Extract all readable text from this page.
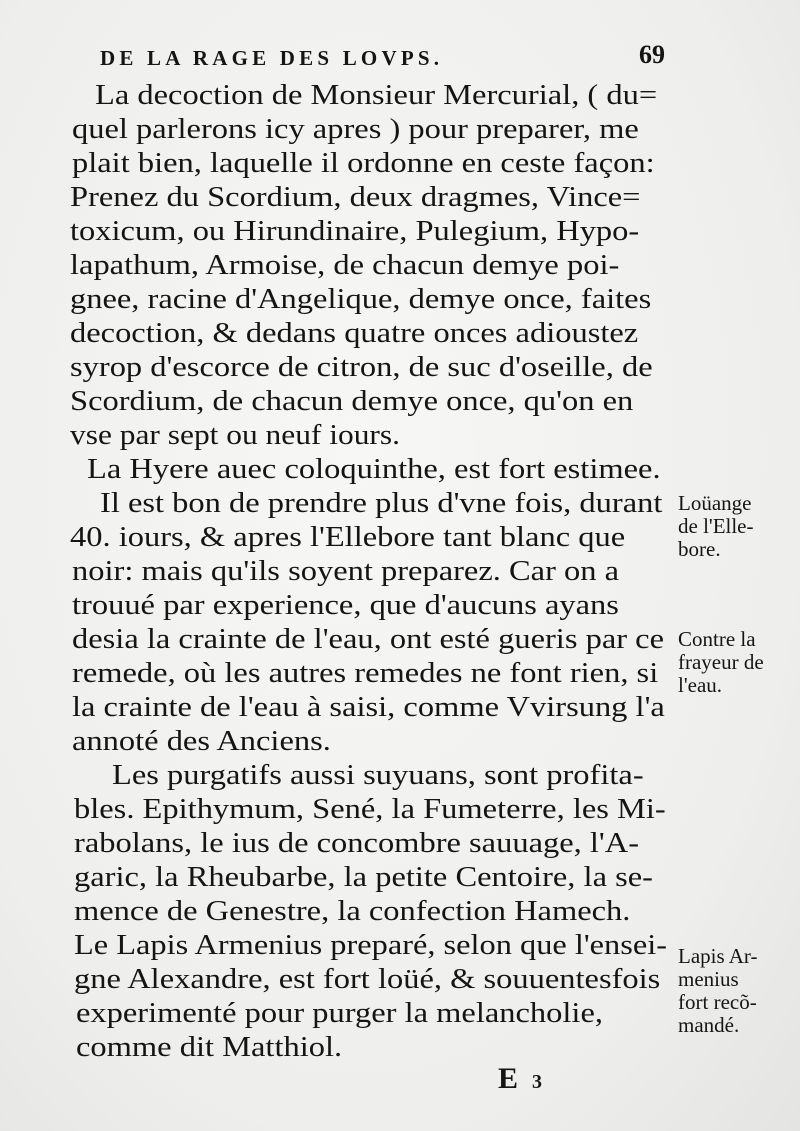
DE LA RAGE DES LOVPS.	69
La decoction de Monsieur Mercurial, ( du=
quel parlerons icy apres ) pour preparer, me
plait bien, laquelle il ordonne en ceste façon:
Prenez du Scordium, deux dragmes, Vince=
toxicum, ou Hirundinaire, Pulegium, Hypo-
lapathum, Armoise, de chacun demye poi-
gnee, racine d'Angelique, demye once, faites
decoction, & dedans quatre onces adioustez
syrop d'escorce de citron, de suc d'oseille, de
Scordium, de chacun demye once, qu'on en
vse par sept ou neuf iours.
La Hyere auec coloquinthe, est fort estimee.
Il est bon de prendre plus d'vne fois, durant
40. iours, & apres l'Ellebore tant blanc que
noir: mais qu'ils soyent preparez. Car on a
trouué par experience, que d'aucuns ayans
desia la crainte de l'eau, ont esté gueris par ce
remede, où les autres remedes ne font rien, si
la crainte de l'eau à saisi, comme Vvirsung l'a
annoté des Anciens.
Les purgatifs aussi suyuans, sont profita-
bles. Epithymum, Sené, la Fumeterre, les Mi-
rabolans, le ius de concombre sauuage, l'A-
garic, la Rheubarbe, la petite Centoire, la se-
mence de Genestre, la confection Hamech.
Le Lapis Armenius preparé, selon que l'ensei-
gne Alexandre, est fort loüé, & souuentesfois
experimenté pour purger la melancholie,
comme dit Matthiol.
Loüange
de l'Elle-
bore.
Contre la
frayeur de
l'eau.
Lapis Ar-
menius
fort recõ-
mandé.
E 3
